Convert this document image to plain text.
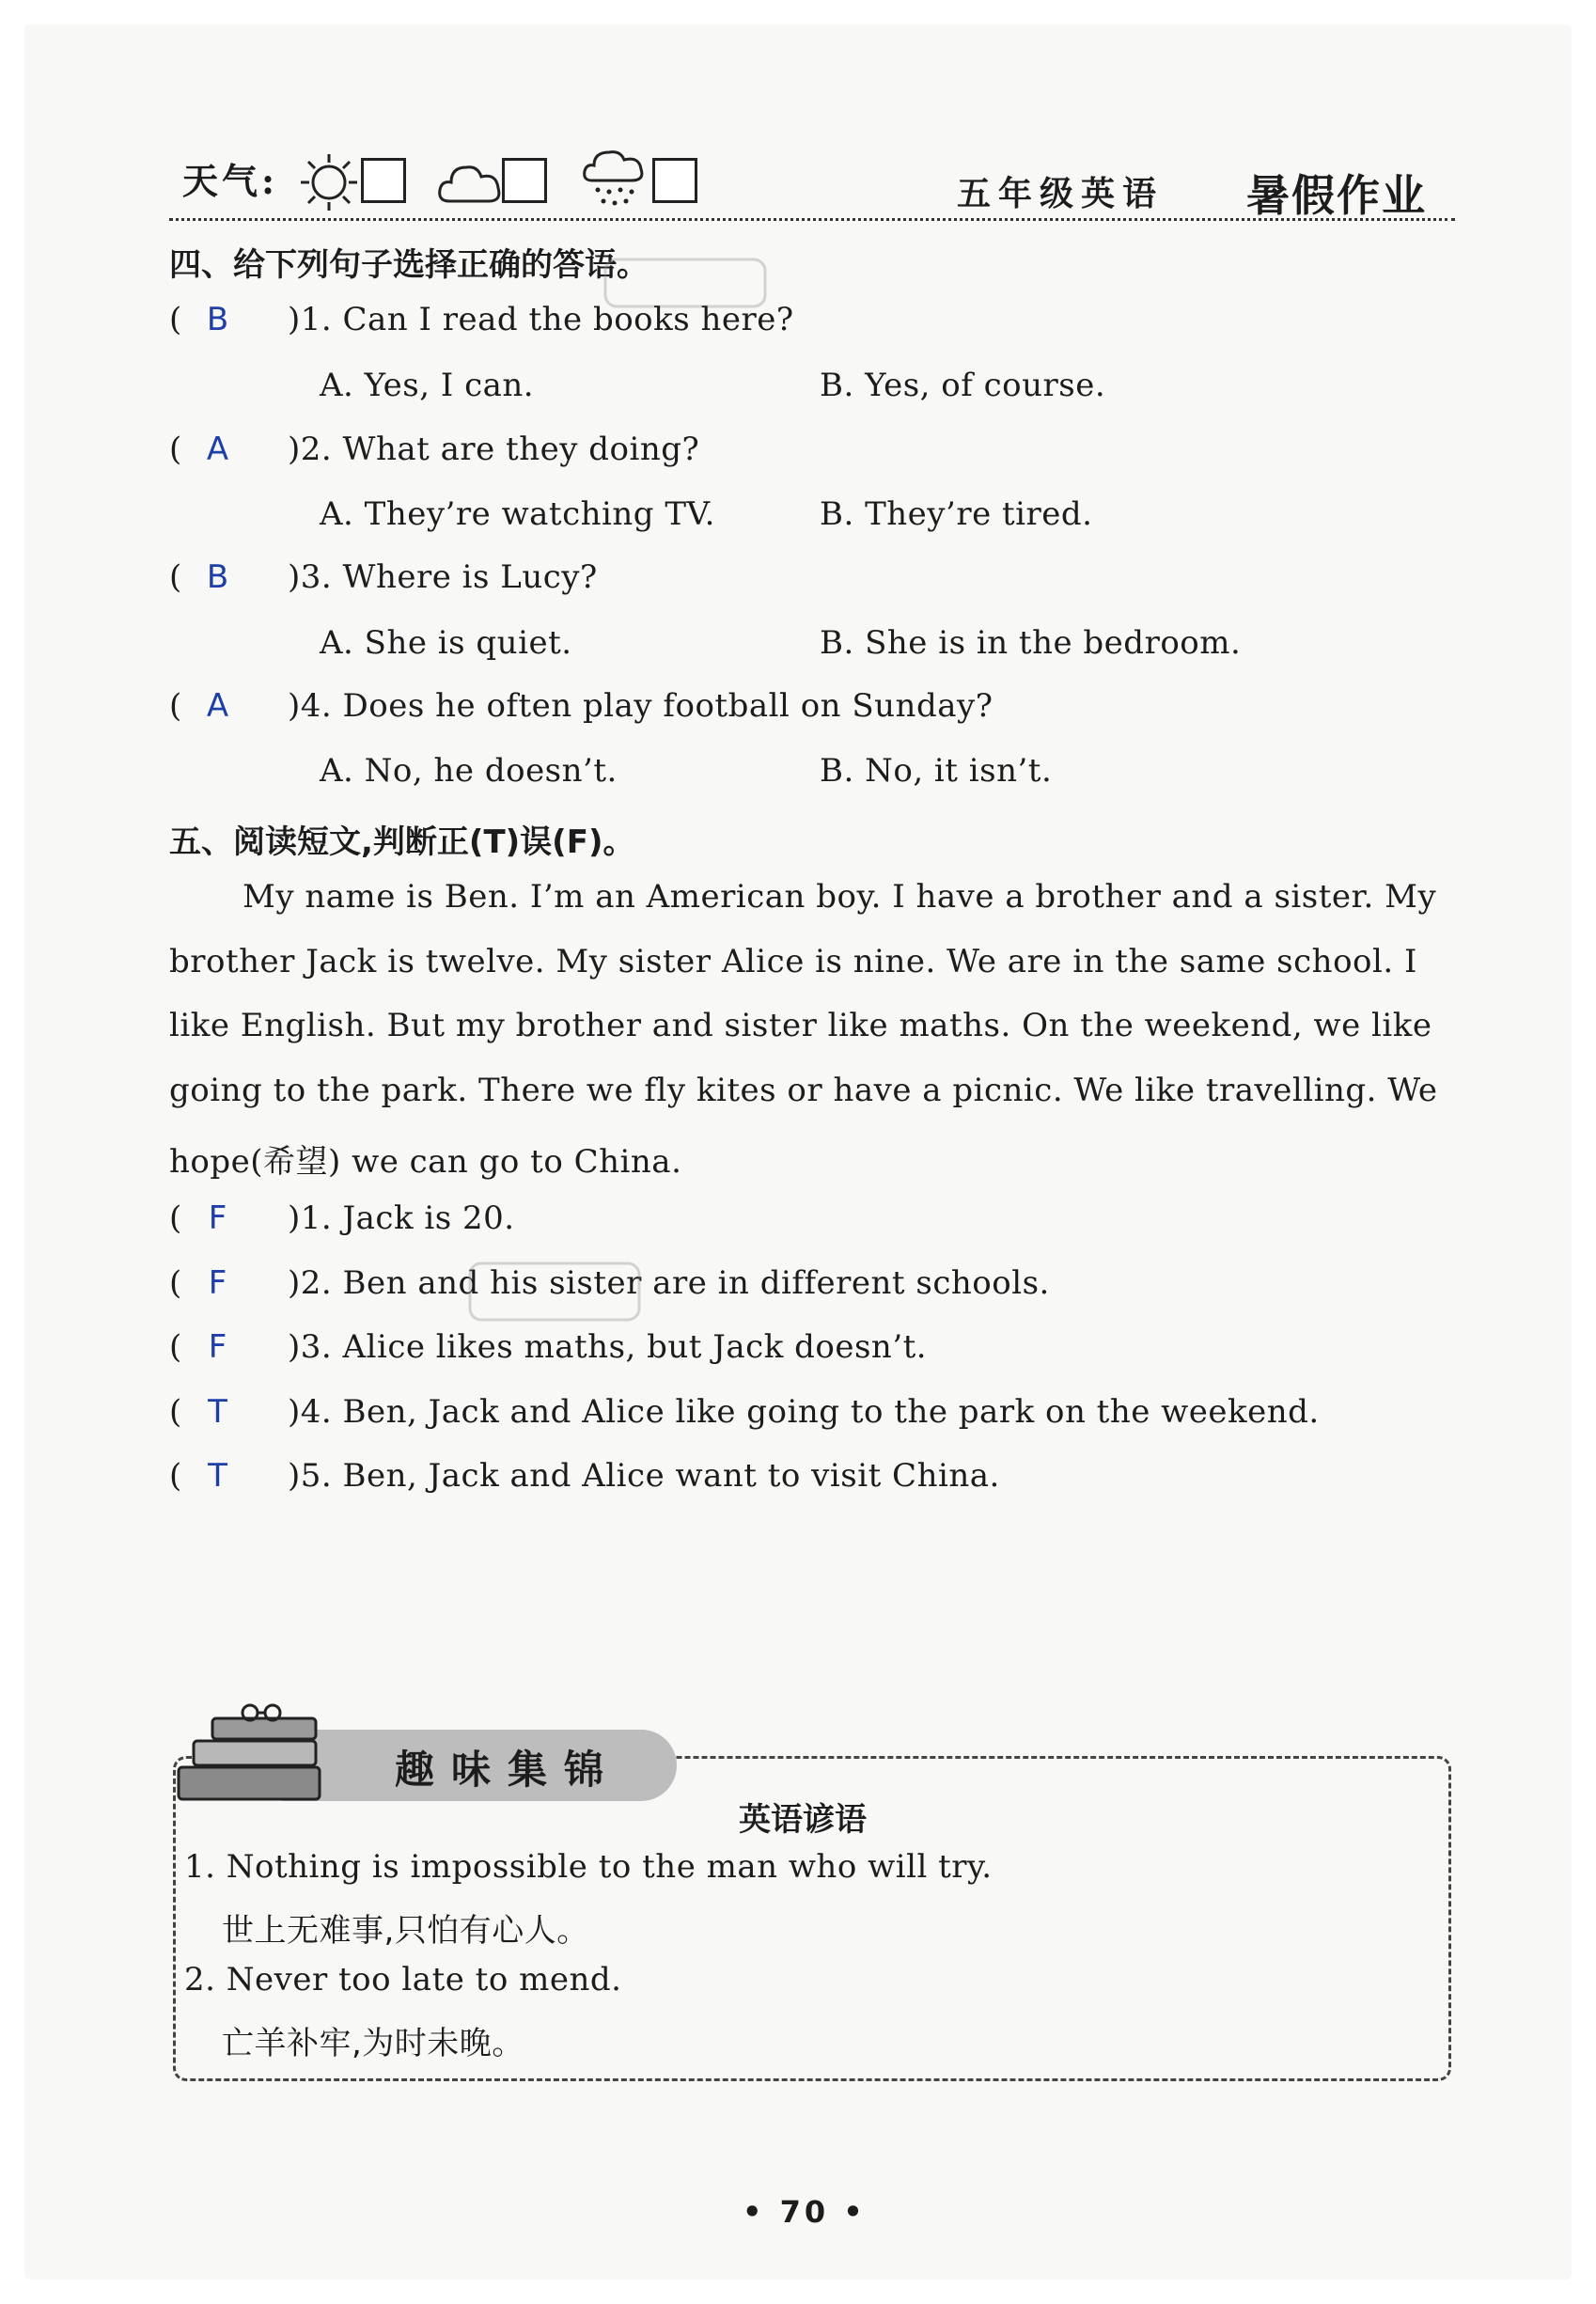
天气:	五年级英语 暑假作业
四、给下列句子选择正确的答语。
( B )1. Can I read the books here?
A. Yes, I can.	B. Yes, of course.
( A )2. What are they doing?
A. They’re watching TV.	B. They’re tired.
( B )3. Where is Lucy?
A. She is quiet.	B. She is in the bedroom.
( A )4. Does he often play football on Sunday?
A. No, he doesn’t.	B. No, it isn’t.
五、阅读短文,判断正(T)误(F)。
My name is Ben. I’m an American boy. I have a brother and a sister. My
brother Jack is twelve. My sister Alice is nine. We are in the same school. I
like English. But my brother and sister like maths. On the weekend, we like
going to the park. There we fly kites or have a picnic. We like travelling. We
hope(希望) we can go to China.
( F )1. Jack is 20.
( F )2. Ben and his sister are in different schools.
( F )3. Alice likes maths, but Jack doesn’t.
( T )4. Ben, Jack and Alice like going to the park on the weekend.
( T )5. Ben, Jack and Alice want to visit China.
趣味集锦
英语谚语
1. Nothing is impossible to the man who will try.
世上无难事,只怕有心人。
2. Never too late to mend.
亡羊补牢,为时未晚。
• 70 •
